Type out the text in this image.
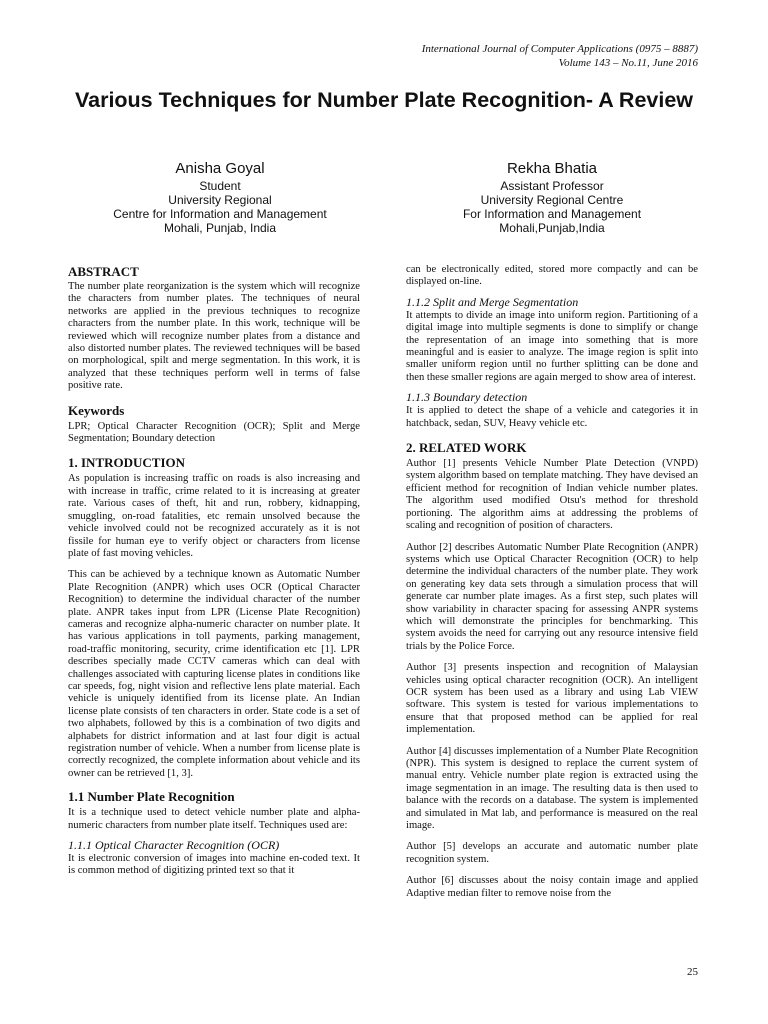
International Journal of Computer Applications (0975 – 8887)
Volume 143 – No.11, June 2016
Various Techniques for Number Plate Recognition- A Review
Anisha Goyal
Student
University Regional
Centre for Information and Management
Mohali, Punjab, India
Rekha Bhatia
Assistant Professor
University Regional Centre
For Information and Management
Mohali,Punjab,India
ABSTRACT

The number plate reorganization is the system which will recognize the characters from number plates. The techniques of neural networks are applied in the previous techniques to recognize characters from the number plate. In this work, technique will be reviewed which will recognize number plates from a distance and also distorted number plates. The reviewed techniques will be based on morphological, spilt and merge segmentation. In this work, it is analyzed that these techniques perform well in terms of false positive rate.

Keywords

LPR; Optical Character Recognition (OCR); Split and Merge Segmentation; Boundary detection

1. INTRODUCTION

As population is increasing traffic on roads is also increasing and with increase in traffic, crime related to it is increasing at greater rate. Various cases of theft, hit and run, robbery, kidnapping, smuggling, on-road fatalities, etc remain unsolved because the vehicle involved could not be recognized accurately as it is not fissile for human eye to verify object or characters from license plate of fast moving vehicles.

This can be achieved by a technique known as Automatic Number Plate Recognition (ANPR) which uses OCR (Optical Character Recognition) to determine the individual character of the number plate. ANPR takes input from LPR (License Plate Recognition) cameras and recognize alpha-numeric character on number plate. It has various applications in toll payments, parking management, road-traffic monitoring, security, crime identification etc [1]. LPR describes specially made CCTV cameras which can deal with challenges associated with capturing license plates in conditions like car speeds, fog, night vision and reflective lens plate material. Each vehicle is uniquely identified from its license plate. An Indian license plate consists of ten characters in order. State code is a set of two alphabets, followed by this is a combination of two digits and alphabets for district information and at last four digit is actual registration number of vehicle. When a number from license plate is correctly recognized, the complete information about vehicle and its owner can be retrieved [1, 3].

1.1 Number Plate Recognition

It is a technique used to detect vehicle number plate and alpha-numeric characters from number plate itself. Techniques used are:

1.1.1 Optical Character Recognition (OCR)

It is electronic conversion of images into machine en-coded text. It is common method of digitizing printed text so that it

can be electronically edited, stored more compactly and can be displayed on-line.

1.1.2 Split and Merge Segmentation

It attempts to divide an image into uniform region. Partitioning of a digital image into multiple segments is done to simplify or change the representation of an image into something that is more meaningful and is easier to analyze. The image region is split into smaller uniform region until no further splitting can be done and then these smaller regions are again merged to show area of interest.

1.1.3 Boundary detection

It is applied to detect the shape of a vehicle and categories it in hatchback, sedan, SUV, Heavy vehicle etc.

2. RELATED WORK

Author [1] presents Vehicle Number Plate Detection (VNPD) system algorithm based on template matching. They have devised an efficient method for recognition of Indian vehicle number plates. The algorithm used modified Otsu's method for threshold portioning. The algorithm aims at addressing the problems of scaling and recognition of position of characters.

Author [2] describes Automatic Number Plate Recognition (ANPR) systems which use Optical Character Recognition (OCR) to help determine the individual characters of the number plate. They work on generating key data sets through a simulation process that will generate car number plate images. As a first step, such plates will show variability in character spacing for assessing ANPR systems which will demonstrate the principles for benchmarking. This system avoids the need for carrying out any resource intensive field trials by the Police Force.

Author [3] presents inspection and recognition of Malaysian vehicles using optical character recognition (OCR). An intelligent OCR system has been used as a library and using Lab VIEW software. This system is tested for various implementations to ensure that that proposed method can be applied for real implementation.

Author [4] discusses implementation of a Number Plate Recognition (NPR). This system is designed to replace the current system of manual entry. Vehicle number plate region is extracted using the image segmentation in an image. The resulting data is then used to balance with the records on a database. The system is implemented and simulated in Mat lab, and performance is measured on the real image.

Author [5] develops an accurate and automatic number plate recognition system.

Author [6] discusses about the noisy contain image and applied Adaptive median filter to remove noise from the

25
